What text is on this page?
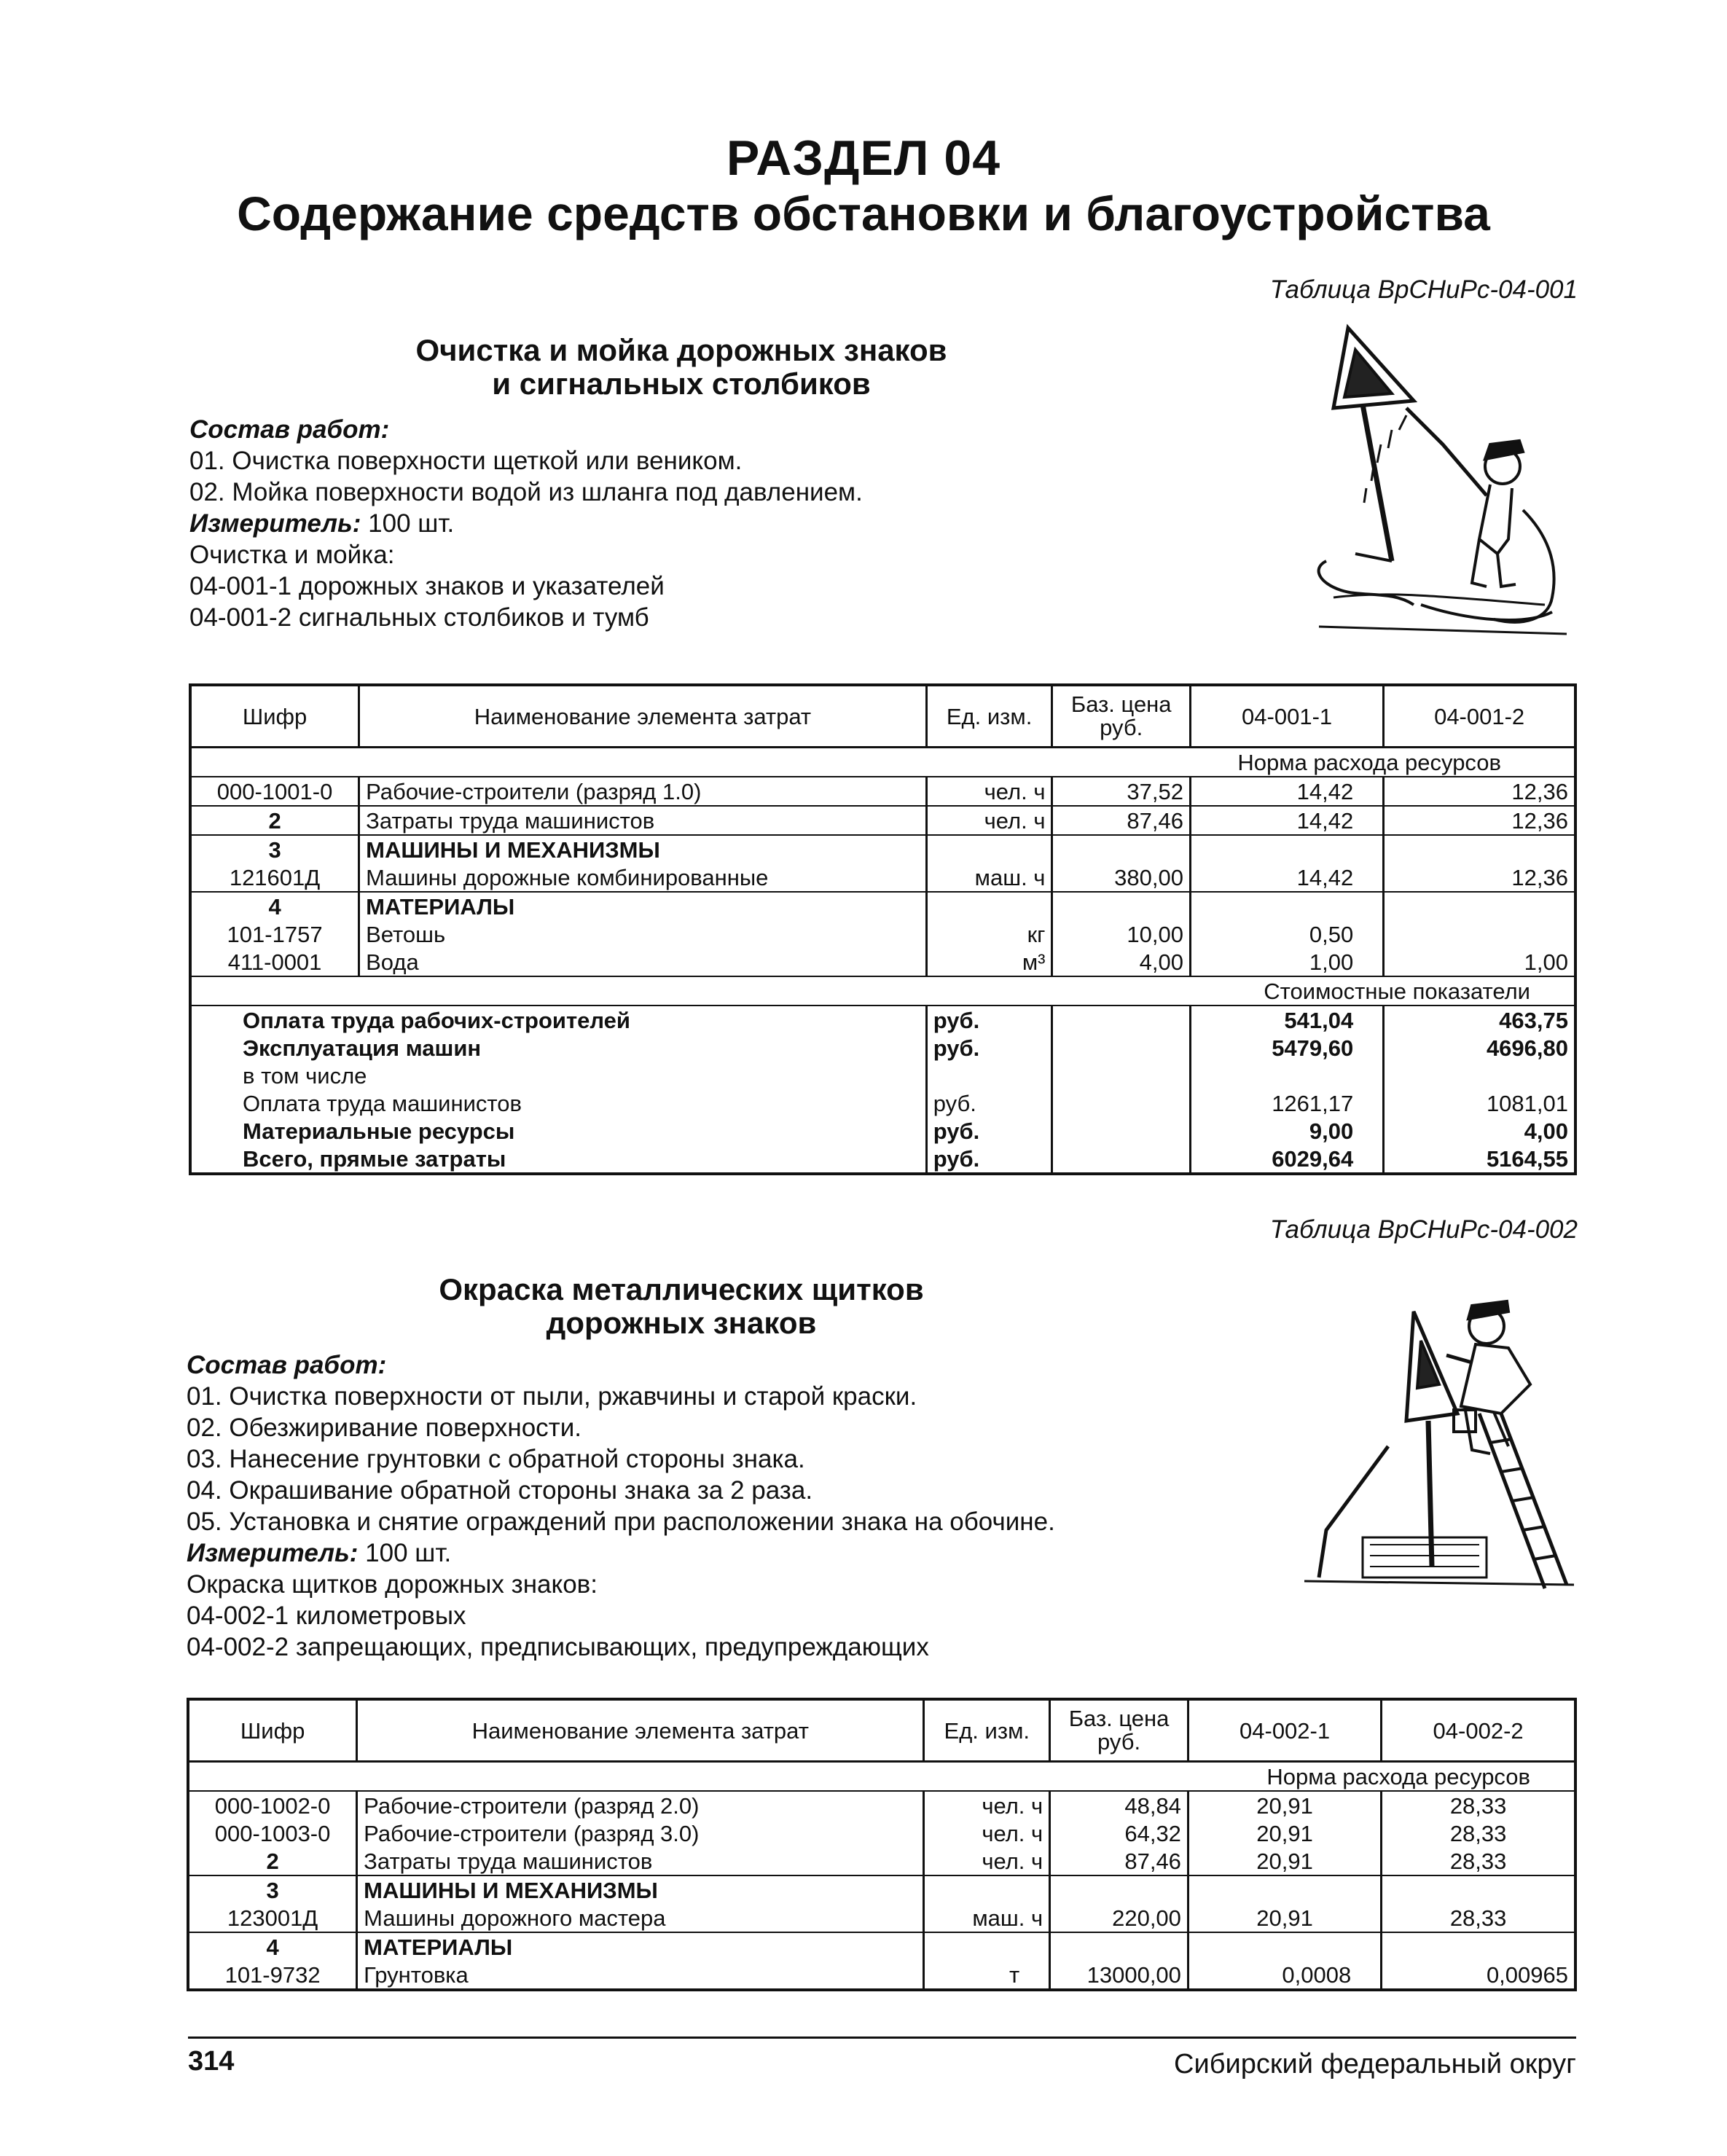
РАЗДЕЛ 04
Содержание средств обстановки и благоустройства
Таблица ВрСНиРс-04-001
Очистка и мойка дорожных знаков
и сигнальных столбиков
Состав работ:
01. Очистка поверхности щеткой или веником.
02. Мойка поверхности водой из шланга под давлением.
Измеритель: 100 шт.
Очистка и мойка:
04-001-1 дорожных знаков и указателей
04-001-2 сигнальных столбиков и тумб
Шифр	Наименование элемента затрат	Ед. изм.	Баз. цена руб.	04-001-1	04-001-2
Норма расхода ресурсов					
000-1001-0	Рабочие-строители (разряд 1.0)	чел. ч	37,52	14,42	12,36
2	Затраты труда машинистов	чел. ч	87,46	14,42	12,36
3	МАШИНЫ И МЕХАНИЗМЫ				
121601Д	Машины дорожные комбинированные	маш. ч	380,00	14,42	12,36
4	МАТЕРИАЛЫ				
101-1757	Ветошь	кг	10,00	0,50	
411-0001	Вода	м³	4,00	1,00	1,00
Стоимостные показатели					
Оплата труда рабочих-строителей		руб.		541,04	463,75
Эксплуатация машин		руб.		5479,60	4696,80
в том числе					
Оплата труда машинистов		руб.		1261,17	1081,01
Материальные ресурсы		руб.		9,00	4,00
Всего, прямые затраты		руб.		6029,64	5164,55
Таблица ВрСНиРс-04-002
Окраска металлических щитков
дорожных знаков
Состав работ:
01. Очистка поверхности от пыли, ржавчины и старой краски.
02. Обезжиривание поверхности.
03. Нанесение грунтовки с обратной стороны знака.
04. Окрашивание обратной стороны знака за 2 раза.
05. Установка и снятие ограждений при расположении знака на обочине.
Измеритель: 100 шт.
Окраска щитков дорожных знаков:
04-002-1 километровых
04-002-2 запрещающих, предписывающих, предупреждающих
Шифр	Наименование элемента затрат	Ед. изм.	Баз. цена руб.	04-002-1	04-002-2
Норма расхода ресурсов					
000-1002-0	Рабочие-строители (разряд 2.0)	чел. ч	48,84	20,91	28,33
000-1003-0	Рабочие-строители (разряд 3.0)	чел. ч	64,32	20,91	28,33
2	Затраты труда машинистов	чел. ч	87,46	20,91	28,33
3	МАШИНЫ И МЕХАНИЗМЫ				
123001Д	Машины дорожного мастера	маш. ч	220,00	20,91	28,33
4	МАТЕРИАЛЫ				
101-9732	Грунтовка	т	13000,00	0,0008	0,00965
314	Сибирский федеральный округ
